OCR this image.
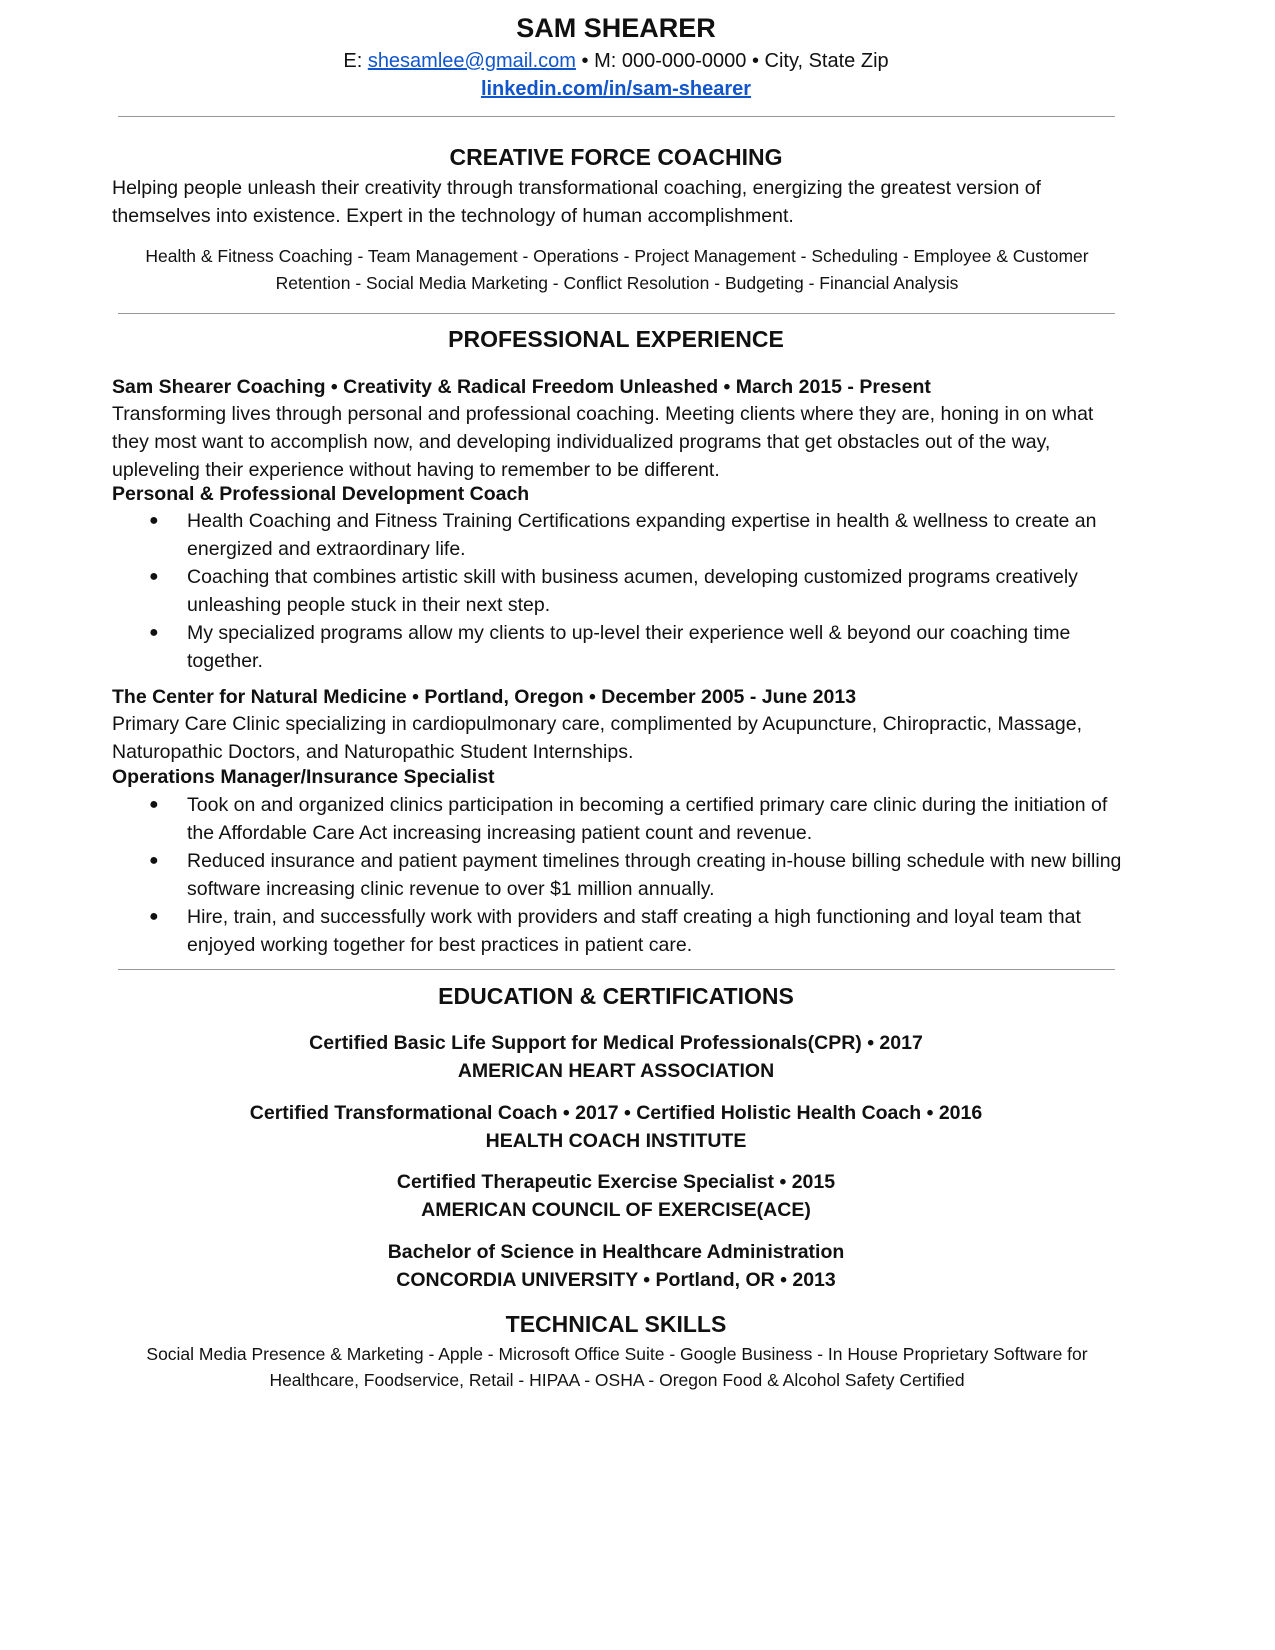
SAM SHEARER
E: shesamlee@gmail.com • M: 000-000-0000 • City, State Zip
linkedin.com/in/sam-shearer
CREATIVE FORCE COACHING
Helping people unleash their creativity through transformational coaching, energizing the greatest version of themselves into existence. Expert in the technology of human accomplishment.
Health & Fitness Coaching - Team Management - Operations - Project Management - Scheduling - Employee & Customer Retention - Social Media Marketing - Conflict Resolution - Budgeting - Financial Analysis
PROFESSIONAL EXPERIENCE
Sam Shearer Coaching • Creativity & Radical Freedom Unleashed • March 2015 - Present
Transforming lives through personal and professional coaching. Meeting clients where they are, honing in on what they most want to accomplish now, and developing individualized programs that get obstacles out of the way, upleveling their experience without having to remember to be different.
Personal & Professional Development Coach
● Health Coaching and Fitness Training Certifications expanding expertise in health & wellness to create an energized and extraordinary life.
● Coaching that combines artistic skill with business acumen, developing customized programs creatively unleashing people stuck in their next step.
● My specialized programs allow my clients to up-level their experience well & beyond our coaching time together.
The Center for Natural Medicine • Portland, Oregon • December 2005 - June 2013
Primary Care Clinic specializing in cardiopulmonary care, complimented by Acupuncture, Chiropractic, Massage, Naturopathic Doctors, and Naturopathic Student Internships.
Operations Manager/Insurance Specialist
● Took on and organized clinics participation in becoming a certified primary care clinic during the initiation of the Affordable Care Act increasing increasing patient count and revenue.
● Reduced insurance and patient payment timelines through creating in-house billing schedule with new billing software increasing clinic revenue to over $1 million annually.
● Hire, train, and successfully work with providers and staff creating a high functioning and loyal team that enjoyed working together for best practices in patient care.
EDUCATION & CERTIFICATIONS
Certified Basic Life Support for Medical Professionals(CPR) • 2017
AMERICAN HEART ASSOCIATION
Certified Transformational Coach • 2017 • Certified Holistic Health Coach • 2016
HEALTH COACH INSTITUTE
Certified Therapeutic Exercise Specialist • 2015
AMERICAN COUNCIL OF EXERCISE(ACE)
Bachelor of Science in Healthcare Administration
CONCORDIA UNIVERSITY • Portland, OR • 2013
TECHNICAL SKILLS
Social Media Presence & Marketing - Apple - Microsoft Office Suite - Google Business - In House Proprietary Software for Healthcare, Foodservice, Retail - HIPAA - OSHA - Oregon Food & Alcohol Safety Certified
